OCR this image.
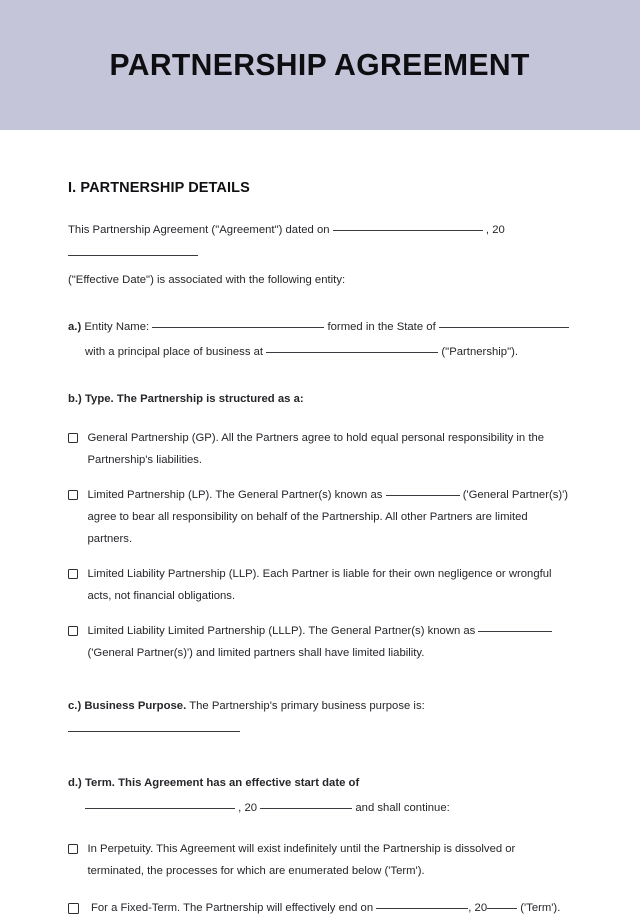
PARTNERSHIP AGREEMENT
I. PARTNERSHIP DETAILS

This Partnership Agreement ("Agreement") dated on	, 20

("Effective Date") is associated with the following entity:

a.) Entity Name:	formed in the State of

with a principal place of business at	("Partnership").

b.) Type. The Partnership is structured as a:

General Partnership (GP). All the Partners agree to hold equal personal responsibility in the Partnership's liabilities.
Limited Partnership (LP). The General Partner(s) known as	('General Partner(s)') agree to bear all responsibility on behalf of the Partnership. All other Partners are limited partners.
Limited Liability Partnership (LLP). Each Partner is liable for their own negligence or wrongful acts, not financial obligations.
Limited Liability Limited Partnership (LLLP). The General Partner(s) known as  ('General Partner(s)') and limited partners shall have limited liability.

c.) Business Purpose. The Partnership's primary business purpose is:

d.) Term. This Agreement has an effective start date of

, 20	and shall continue:

In Perpetuity. This Agreement will exist indefinitely until the Partnership is dissolved or terminated, the processes for which are enumerated below ('Term').
For a Fixed-Term. The Partnership will effectively end on	, 20	('Term').
